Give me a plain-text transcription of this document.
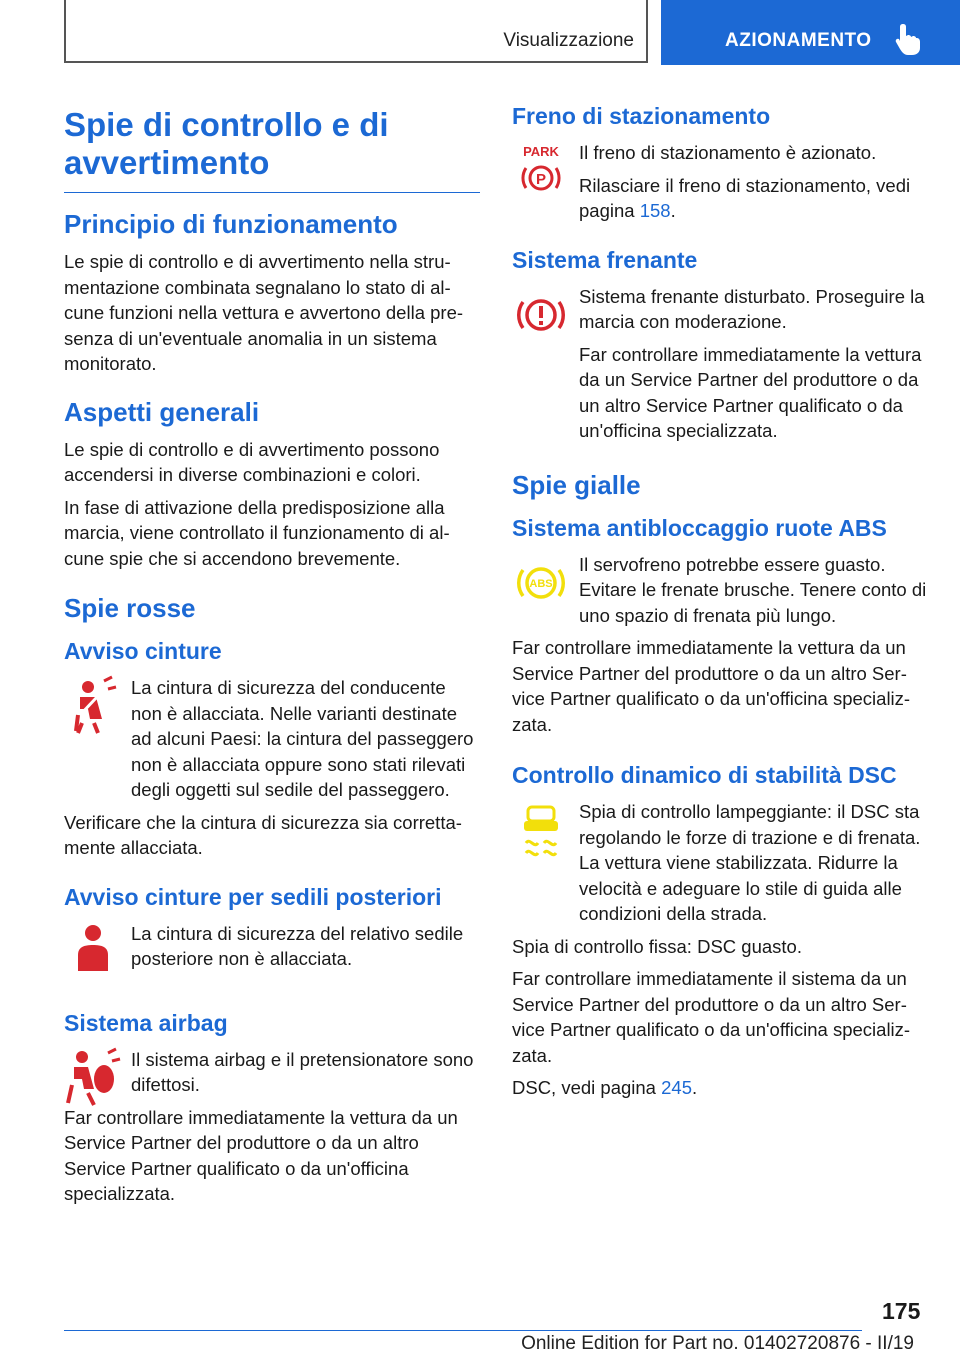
Visualizzazione	AZIONAMENTO
Spie di controllo e di avvertimento
Principio di funzionamento

Le spie di controllo e di avvertimento nella strumentazione combinata segnalano lo stato di alcune funzioni nella vettura e avvertono della presenza di un'eventuale anomalia in un sistema monitorato.

Aspetti generali

Le spie di controllo e di avvertimento possono accendersi in diverse combinazioni e colori.

In fase di attivazione della predisposizione alla marcia, viene controllato il funzionamento di alcune spie che si accendono brevemente.

Spie rosse
Avviso cinture

La cintura di sicurezza del conducente non è allacciata. Nelle varianti destinate ad alcuni Paesi: la cintura del passeggero non è allacciata oppure sono stati rilevati degli oggetti sul sedile del passeggero.

Verificare che la cintura di sicurezza sia correttamente allacciata.

Avviso cinture per sedili posteriori

La cintura di sicurezza del relativo sedile posteriore non è allacciata.

Sistema airbag

Il sistema airbag e il pretensionatore sono difettosi.

Far controllare immediatamente la vettura da un Service Partner del produttore o da un altro Service Partner qualificato o da un'officina specializzata.

Freno di stazionamento
PARK
P

Il freno di stazionamento è azionato.

Rilasciare il freno di stazionamento, vedi pagina 158.

Sistema frenante

Sistema frenante disturbato. Proseguire la marcia con moderazione.

Far controllare immediatamente la vettura da un Service Partner del produttore o da un altro Service Partner qualificato o da un'officina specializzata.

Spie gialle
Sistema antibloccaggio ruote ABS
ABS

Il servofreno potrebbe essere guasto. Evitare le frenate brusche. Tenere conto di uno spazio di frenata più lungo.

Far controllare immediatamente la vettura da un Service Partner del produttore o da un altro Service Partner qualificato o da un'officina specializzata.

Controllo dinamico di stabilità DSC

Spia di controllo lampeggiante: il DSC sta regolando le forze di trazione e di frenata. La vettura viene stabilizzata. Ridurre la velocità e adeguare lo stile di guida alle condizioni della strada.

Spia di controllo fissa: DSC guasto.

Far controllare immediatamente il sistema da un Service Partner del produttore o da un altro Service Partner qualificato o da un'officina specializzata.

DSC, vedi pagina 245.

175
Online Edition for Part no. 01402720876 - II/19
